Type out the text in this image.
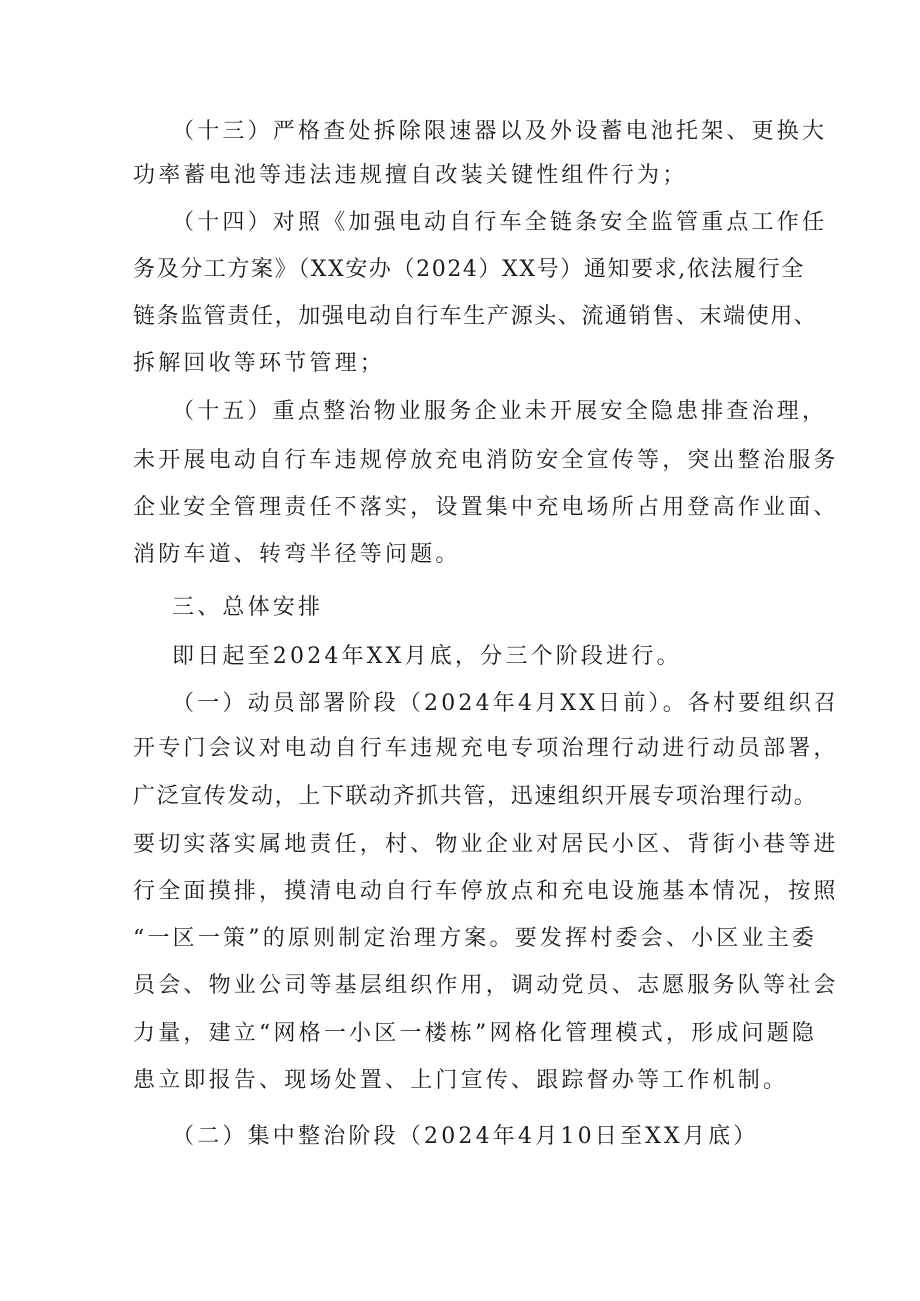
（十三）严格查处拆除限速器以及外设蓄电池托架、更换大
功率蓄电池等违法违规擅自改装关键性组件行为；
（十四）对照《加强电动自行车全链条安全监管重点工作任
务及分工方案》（XX安办（2024）XX号）通知要求,依法履行全
链条监管责任，加强电动自行车生产源头、流通销售、末端使用、
拆解回收等环节管理；
（十五）重点整治物业服务企业未开展安全隐患排查治理，
未开展电动自行车违规停放充电消防安全宣传等，突出整治服务
企业安全管理责任不落实，设置集中充电场所占用登高作业面、
消防车道、转弯半径等问题。
三、总体安排
即日起至2024年XX月底，分三个阶段进行。
（一）动员部署阶段（2024年4月XX日前）。各村要组织召
开专门会议对电动自行车违规充电专项治理行动进行动员部署，
广泛宣传发动，上下联动齐抓共管，迅速组织开展专项治理行动。
要切实落实属地责任，村、物业企业对居民小区、背街小巷等进
行全面摸排，摸清电动自行车停放点和充电设施基本情况，按照
“一区一策”的原则制定治理方案。要发挥村委会、小区业主委
员会、物业公司等基层组织作用，调动党员、志愿服务队等社会
力量，建立“网格一小区一楼栋”网格化管理模式，形成问题隐
患立即报告、现场处置、上门宣传、跟踪督办等工作机制。
（二）集中整治阶段（2024年4月10日至XX月底）
